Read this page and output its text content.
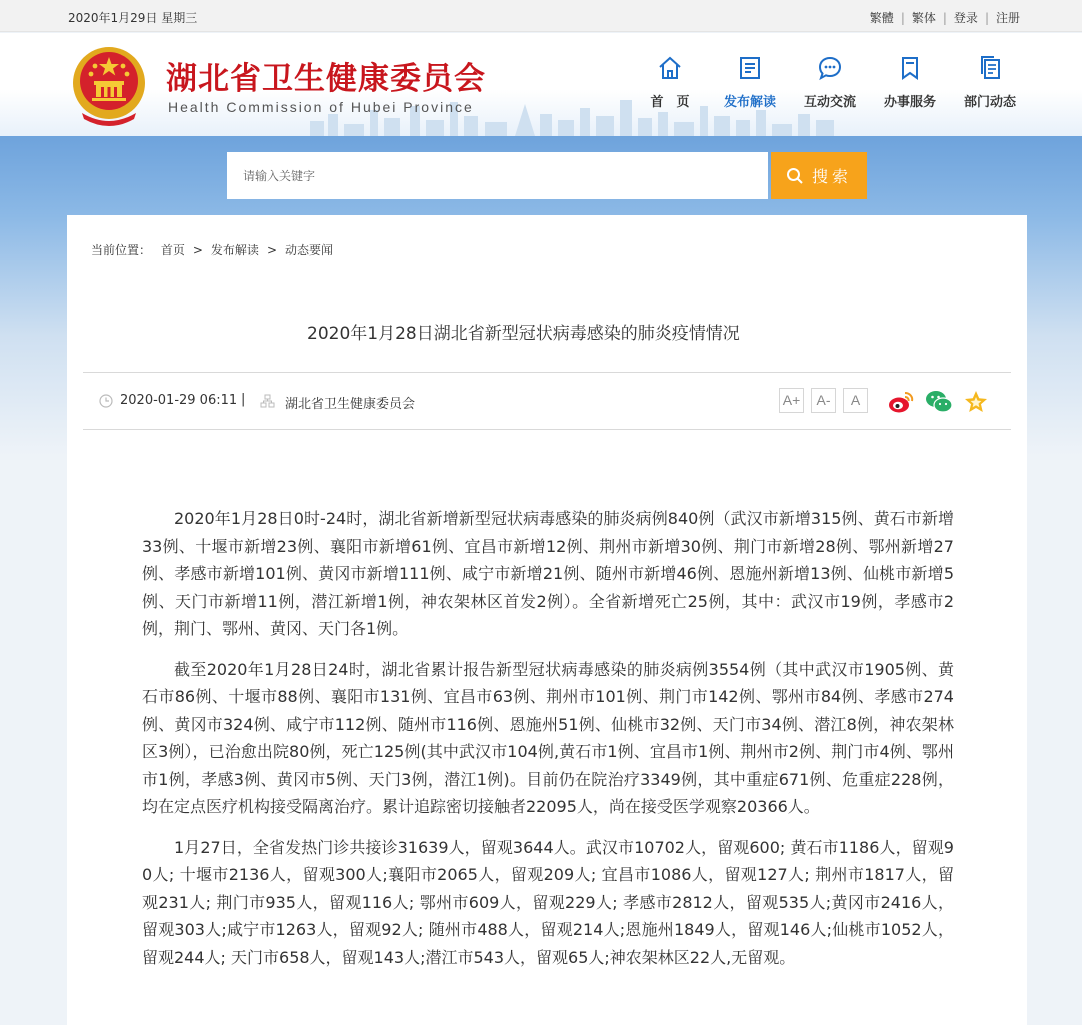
2020年1月29日 星期三	繁體 | 繁体 | 登录 | 注册
湖北省卫生健康委员会
Health Commission of Hubei Province	首　页	发布解读	互动交流	办事服务	部门动态
请输入关键字
搜索
当前位置： 首页 > 发布解读 > 动态要闻
2020年1月28日湖北省新型冠状病毒感染的肺炎疫情情况
2020-01-29 06:11 |	湖北省卫生健康委员会	A+	A-	A

2020年1月28日0时-24时，湖北省新增新型冠状病毒感染的肺炎病例840例（武汉市新增315例、黄石市新增33例、十堰市新增23例、襄阳市新增61例、宜昌市新增12例、荆州市新增30例、荆门市新增28例、鄂州新增27例、孝感市新增101例、黄冈市新增111例、咸宁市新增21例、随州市新增46例、恩施州新增13例、仙桃市新增5例、天门市新增11例，潜江新增1例，神农架林区首发2例）。全省新增死亡25例，其中：武汉市19例，孝感市2例，荆门、鄂州、黄冈、天门各1例。

截至2020年1月28日24时，湖北省累计报告新型冠状病毒感染的肺炎病例3554例（其中武汉市1905例、黄石市86例、十堰市88例、襄阳市131例、宜昌市63例、荆州市101例、荆门市142例、鄂州市84例、孝感市274例、黄冈市324例、咸宁市112例、随州市116例、恩施州51例、仙桃市32例、天门市34例、潜江8例，神农架林区3例），已治愈出院80例，死亡125例(其中武汉市104例,黄石市1例、宜昌市1例、荆州市2例、荆门市4例、鄂州市1例，孝感3例、黄冈市5例、天门3例，潜江1例)。目前仍在院治疗3349例，其中重症671例、危重症228例，均在定点医疗机构接受隔离治疗。累计追踪密切接触者22095人，尚在接受医学观察20366人。

1月27日，全省发热门诊共接诊31639人，留观3644人。武汉市10702人，留观600; 黄石市1186人，留观90人; 十堰市2136人，留观300人;襄阳市2065人，留观209人; 宜昌市1086人，留观127人; 荆州市1817人，留观231人; 荆门市935人，留观116人; 鄂州市609人，留观229人; 孝感市2812人，留观535人;黄冈市2416人，留观303人;咸宁市1263人，留观92人; 随州市488人，留观214人;恩施州1849人，留观146人;仙桃市1052人，留观244人; 天门市658人，留观143人;潜江市543人，留观65人;神农架林区22人,无留观。
